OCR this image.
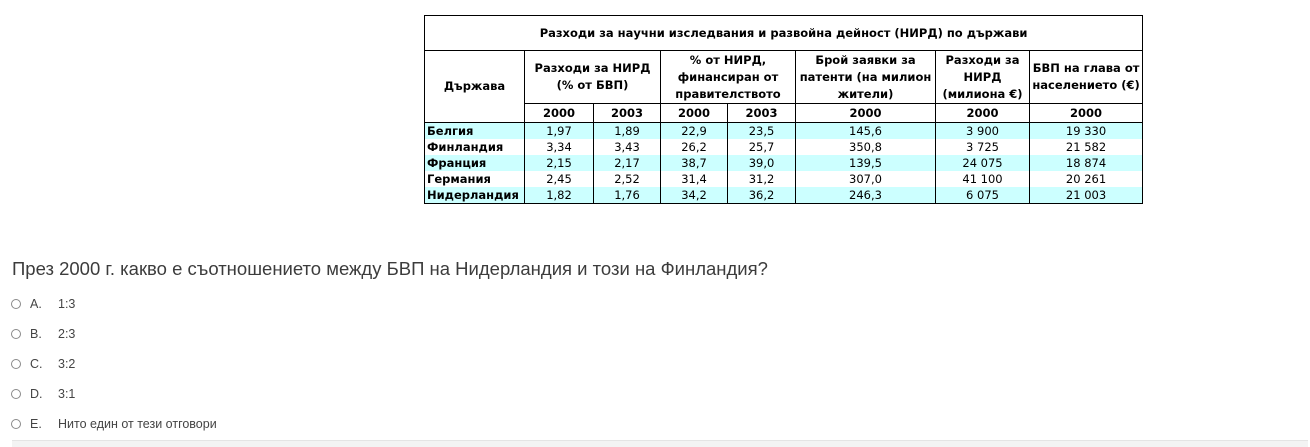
Разходи за научни изследвания и развойна дейност (НИРД) по държави							
Държава	Разходи за НИРД (% от БВП)		% от НИРД, финансиран от правителството		Брой заявки за патенти (на милион жители)	Разходи за НИРД (милиона €)	БВП на глава от населението (€)
	2000	2003	2000	2003	2000	2000	2000
Белгия	1,97	1,89	22,9	23,5	145,6	3 900	19 330
Финландия	3,34	3,43	26,2	25,7	350,8	3 725	21 582
Франция	2,15	2,17	38,7	39,0	139,5	24 075	18 874
Германия	2,45	2,52	31,4	31,2	307,0	41 100	20 261
Нидерландия	1,82	1,76	34,2	36,2	246,3	6 075	21 003
През 2000 г. какво е съотношението между БВП на Нидерландия и този на Финландия?
A.	1:3
B.	2:3
C.	3:2
D.	3:1
E.	Нито един от тези отговори
